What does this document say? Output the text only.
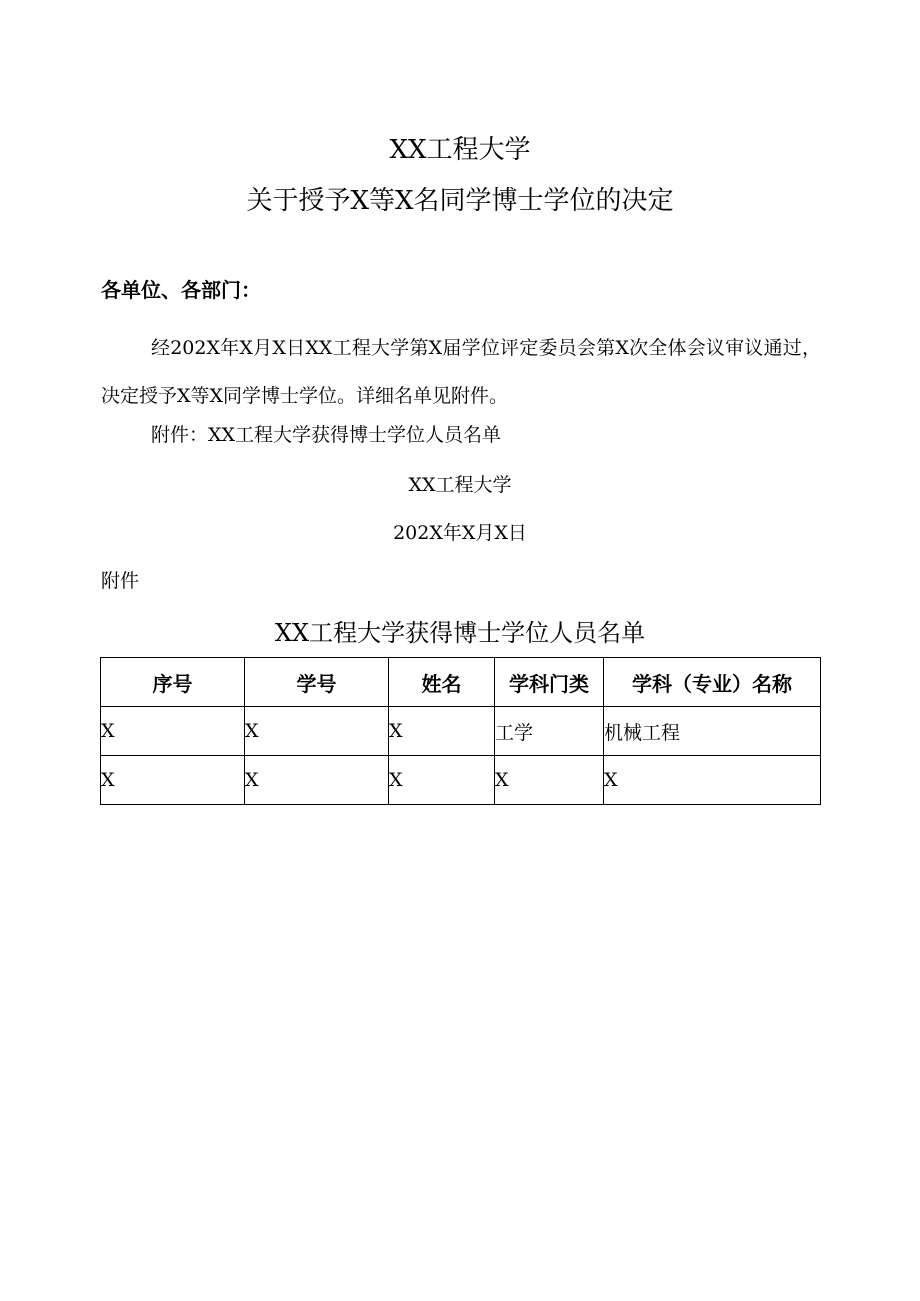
XX工程大学
关于授予X等X名同学博士学位的决定
各单位、各部门：
经202X年X月X日XX工程大学第X届学位评定委员会第X次全体会议审议通过，决定授予X等X同学博士学位。详细名单见附件。
附件：XX工程大学获得博士学位人员名单
XX工程大学
202X年X月X日
附件
XX工程大学获得博士学位人员名单
序号	学号	姓名	学科门类	学科（专业）名称
X	X	X	工学	机械工程
X	X	X	X	X
